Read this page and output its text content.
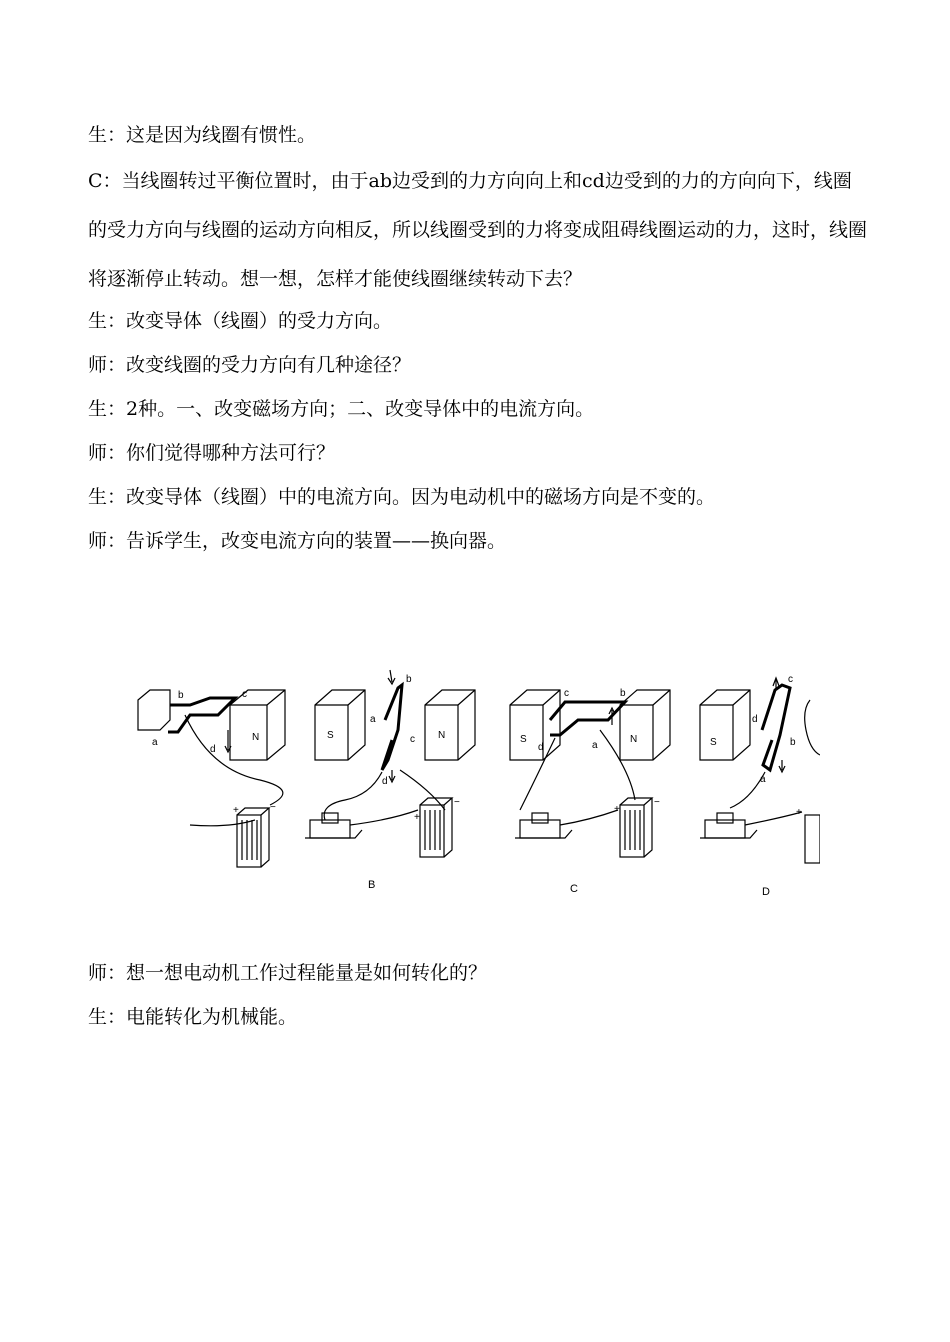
生：这是因为线圈有惯性。
C：当线圈转过平衡位置时，由于ab边受到的力方向向上和cd边受到的力的方向向下，线圈的受力方向与线圈的运动方向相反，所以线圈受到的力将变成阻碍线圈运动的力，这时，线圈将逐渐停止转动。想一想，怎样才能使线圈继续转动下去？
生：改变导体（线圈）的受力方向。
师：改变线圈的受力方向有几种途径？
生：2种。一、改变磁场方向；二、改变导体中的电流方向。
师：你们觉得哪种方法可行？
生：改变导体（线圈）中的电流方向。因为电动机中的磁场方向是不变的。
师：告诉学生，改变电流方向的装置——换向器。
b	c
a
d
N
+	−
S	N
b
a
c
d
+
−
S	N
c	b
d	a
+
−
S
c
d
b
a
+
B	C	D
师：想一想电动机工作过程能量是如何转化的？
生：电能转化为机械能。
